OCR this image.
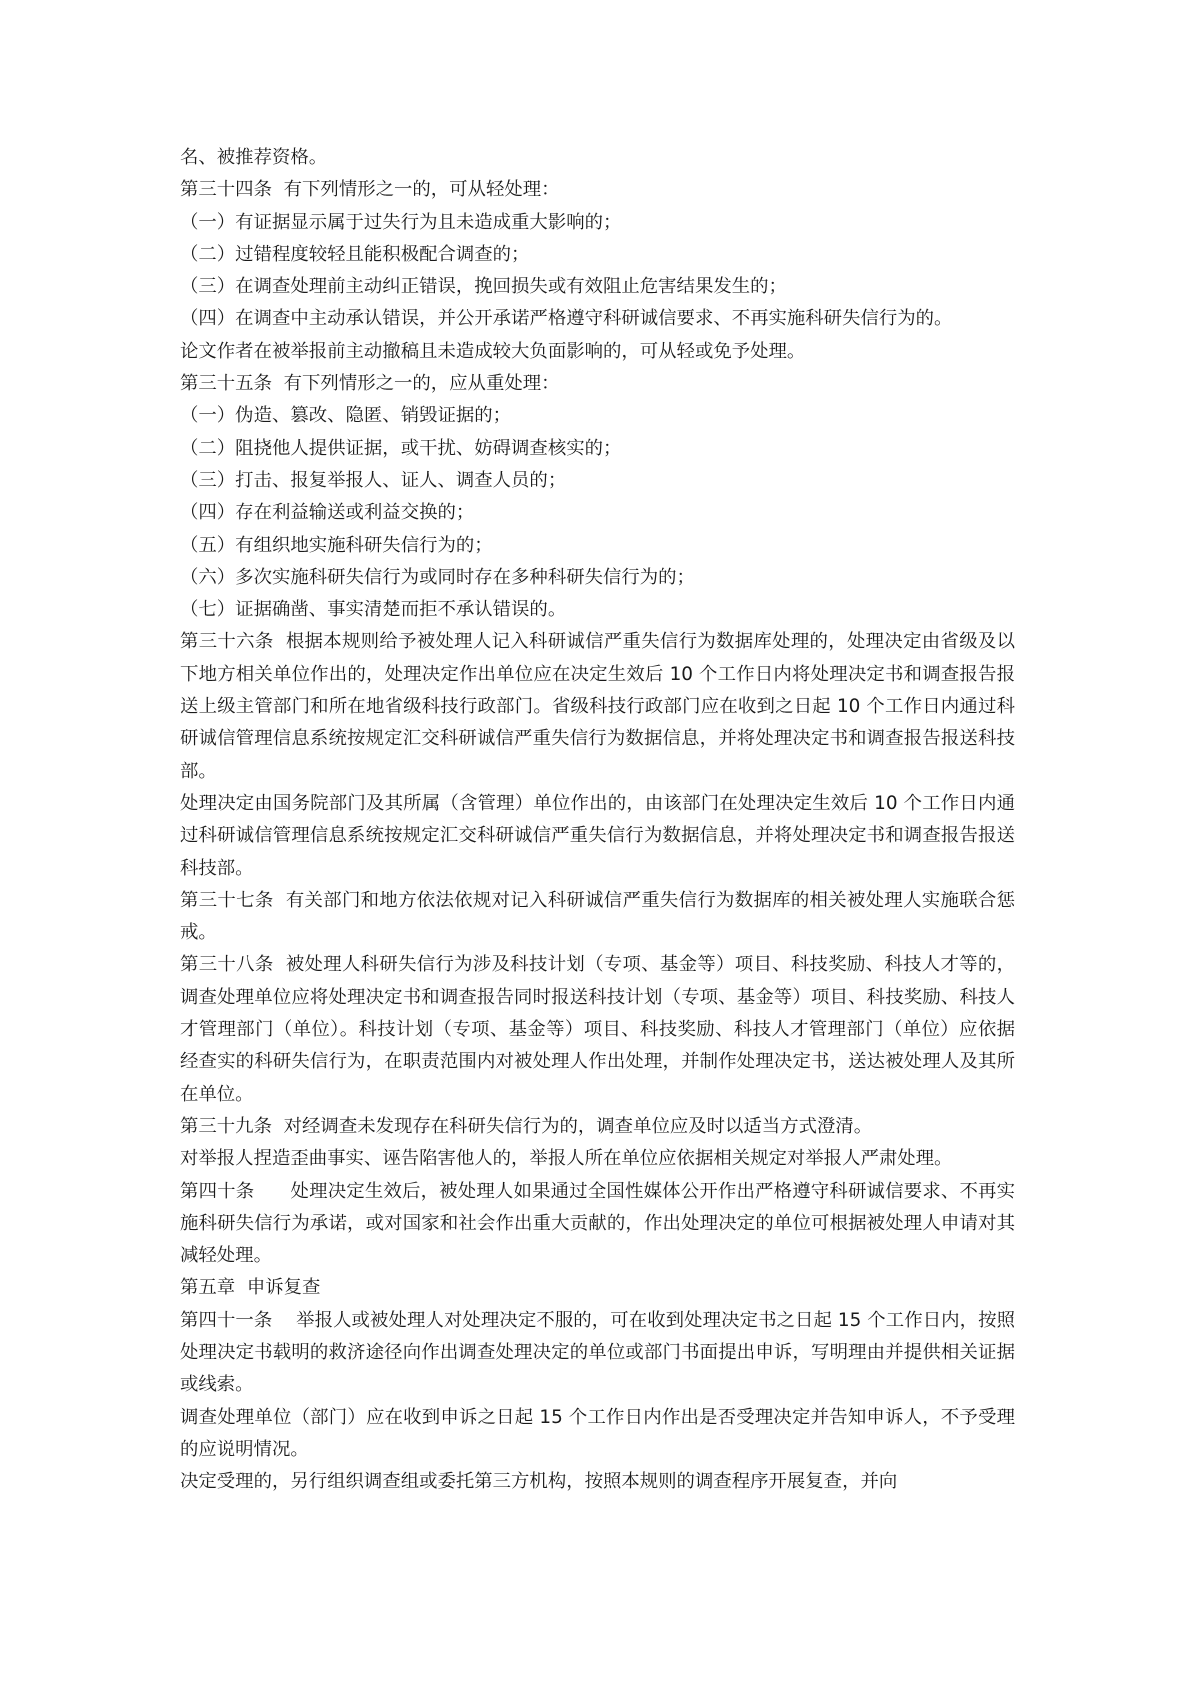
名、被推荐资格。

第三十四条  有下列情形之一的，可从轻处理：

（一）有证据显示属于过失行为且未造成重大影响的；

（二）过错程度较轻且能积极配合调查的；

（三）在调查处理前主动纠正错误，挽回损失或有效阻止危害结果发生的；

（四）在调查中主动承认错误，并公开承诺严格遵守科研诚信要求、不再实施科研失信行为的。

论文作者在被举报前主动撤稿且未造成较大负面影响的，可从轻或免予处理。

第三十五条  有下列情形之一的，应从重处理：

（一）伪造、篡改、隐匿、销毁证据的；

（二）阻挠他人提供证据，或干扰、妨碍调查核实的；

（三）打击、报复举报人、证人、调查人员的；

（四）存在利益输送或利益交换的；

（五）有组织地实施科研失信行为的；

（六）多次实施科研失信行为或同时存在多种科研失信行为的；

（七）证据确凿、事实清楚而拒不承认错误的。

第三十六条  根据本规则给予被处理人记入科研诚信严重失信行为数据库处理的，处理决定由省级及以下地方相关单位作出的，处理决定作出单位应在决定生效后 10 个工作日内将处理决定书和调查报告报送上级主管部门和所在地省级科技行政部门。省级科技行政部门应在收到之日起 10 个工作日内通过科研诚信管理信息系统按规定汇交科研诚信严重失信行为数据信息，并将处理决定书和调查报告报送科技部。

处理决定由国务院部门及其所属（含管理）单位作出的，由该部门在处理决定生效后 10 个工作日内通过科研诚信管理信息系统按规定汇交科研诚信严重失信行为数据信息，并将处理决定书和调查报告报送科技部。

第三十七条  有关部门和地方依法依规对记入科研诚信严重失信行为数据库的相关被处理人实施联合惩戒。

第三十八条  被处理人科研失信行为涉及科技计划（专项、基金等）项目、科技奖励、科技人才等的，调查处理单位应将处理决定书和调查报告同时报送科技计划（专项、基金等）项目、科技奖励、科技人才管理部门（单位）。科技计划（专项、基金等）项目、科技奖励、科技人才管理部门（单位）应依据经查实的科研失信行为，在职责范围内对被处理人作出处理，并制作处理决定书，送达被处理人及其所在单位。

第三十九条  对经调查未发现存在科研失信行为的，调查单位应及时以适当方式澄清。

对举报人捏造歪曲事实、诬告陷害他人的，举报人所在单位应依据相关规定对举报人严肃处理。

第四十条      处理决定生效后，被处理人如果通过全国性媒体公开作出严格遵守科研诚信要求、不再实施科研失信行为承诺，或对国家和社会作出重大贡献的，作出处理决定的单位可根据被处理人申请对其减轻处理。

第五章  申诉复查

第四十一条    举报人或被处理人对处理决定不服的，可在收到处理决定书之日起 15 个工作日内，按照处理决定书载明的救济途径向作出调查处理决定的单位或部门书面提出申诉，写明理由并提供相关证据或线索。

调查处理单位（部门）应在收到申诉之日起 15 个工作日内作出是否受理决定并告知申诉人，不予受理的应说明情况。

决定受理的，另行组织调查组或委托第三方机构，按照本规则的调查程序开展复查，并向
